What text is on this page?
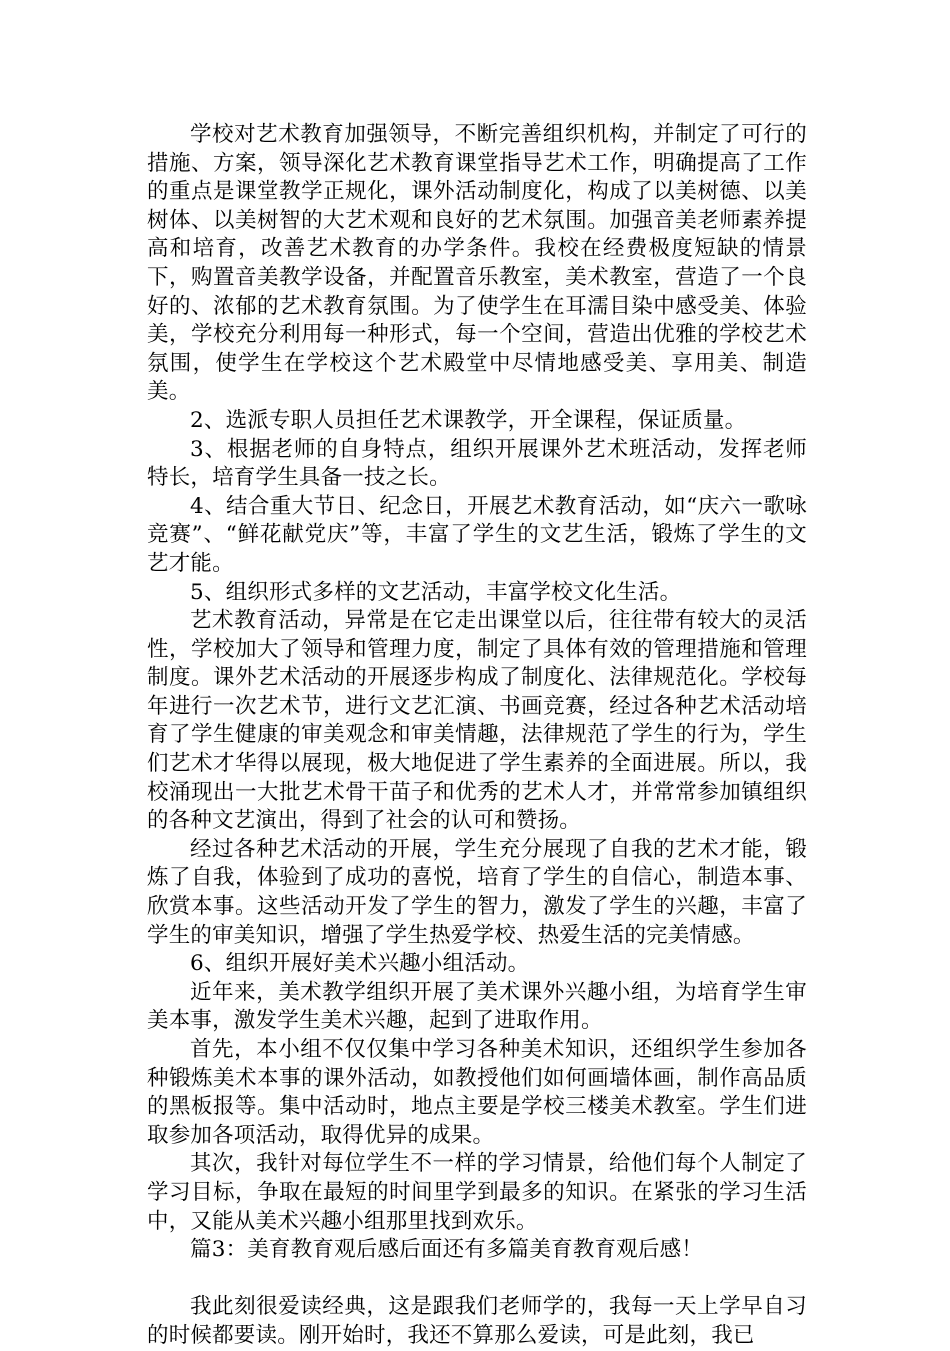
学校对艺术教育加强领导，不断完善组织机构，并制定了可行的措施、方案，领导深化艺术教育课堂指导艺术工作，明确提高了工作的重点是课堂教学正规化，课外活动制度化，构成了以美树德、以美树体、以美树智的大艺术观和良好的艺术氛围。加强音美老师素养提高和培育，改善艺术教育的办学条件。我校在经费极度短缺的情景下，购置音美教学设备，并配置音乐教室，美术教室，营造了一个良好的、浓郁的艺术教育氛围。为了使学生在耳濡目染中感受美、体验美，学校充分利用每一种形式，每一个空间，营造出优雅的学校艺术氛围，使学生在学校这个艺术殿堂中尽情地感受美、享用美、制造美。

2、选派专职人员担任艺术课教学，开全课程，保证质量。

3、根据老师的自身特点，组织开展课外艺术班活动，发挥老师特长，培育学生具备一技之长。

4、结合重大节日、纪念日，开展艺术教育活动，如“庆六一歌咏竞赛”、“鲜花献党庆”等，丰富了学生的文艺生活，锻炼了学生的文艺才能。

5、组织形式多样的文艺活动，丰富学校文化生活。

艺术教育活动，异常是在它走出课堂以后，往往带有较大的灵活性，学校加大了领导和管理力度，制定了具体有效的管理措施和管理制度。课外艺术活动的开展逐步构成了制度化、法律规范化。学校每年进行一次艺术节，进行文艺汇演、书画竞赛，经过各种艺术活动培育了学生健康的审美观念和审美情趣，法律规范了学生的行为，学生们艺术才华得以展现，极大地促进了学生素养的全面进展。所以，我校涌现出一大批艺术骨干苗子和优秀的艺术人才，并常常参加镇组织的各种文艺演出，得到了社会的认可和赞扬。

经过各种艺术活动的开展，学生充分展现了自我的艺术才能，锻炼了自我，体验到了成功的喜悦，培育了学生的自信心，制造本事、欣赏本事。这些活动开发了学生的智力，激发了学生的兴趣，丰富了学生的审美知识，增强了学生热爱学校、热爱生活的完美情感。

6、组织开展好美术兴趣小组活动。

近年来，美术教学组织开展了美术课外兴趣小组，为培育学生审美本事，激发学生美术兴趣，起到了进取作用。

首先，本小组不仅仅集中学习各种美术知识，还组织学生参加各种锻炼美术本事的课外活动，如教授他们如何画墙体画，制作高品质的黑板报等。集中活动时，地点主要是学校三楼美术教室。学生们进取参加各项活动，取得优异的成果。

其次，我针对每位学生不一样的学习情景，给他们每个人制定了学习目标，争取在最短的时间里学到最多的知识。在紧张的学习生活中，又能从美术兴趣小组那里找到欢乐。

篇3：美育教育观后感后面还有多篇美育教育观后感！

我此刻很爱读经典，这是跟我们老师学的，我每一天上学早自习的时候都要读。刚开始时，我还不算那么爱读，可是此刻，我已
